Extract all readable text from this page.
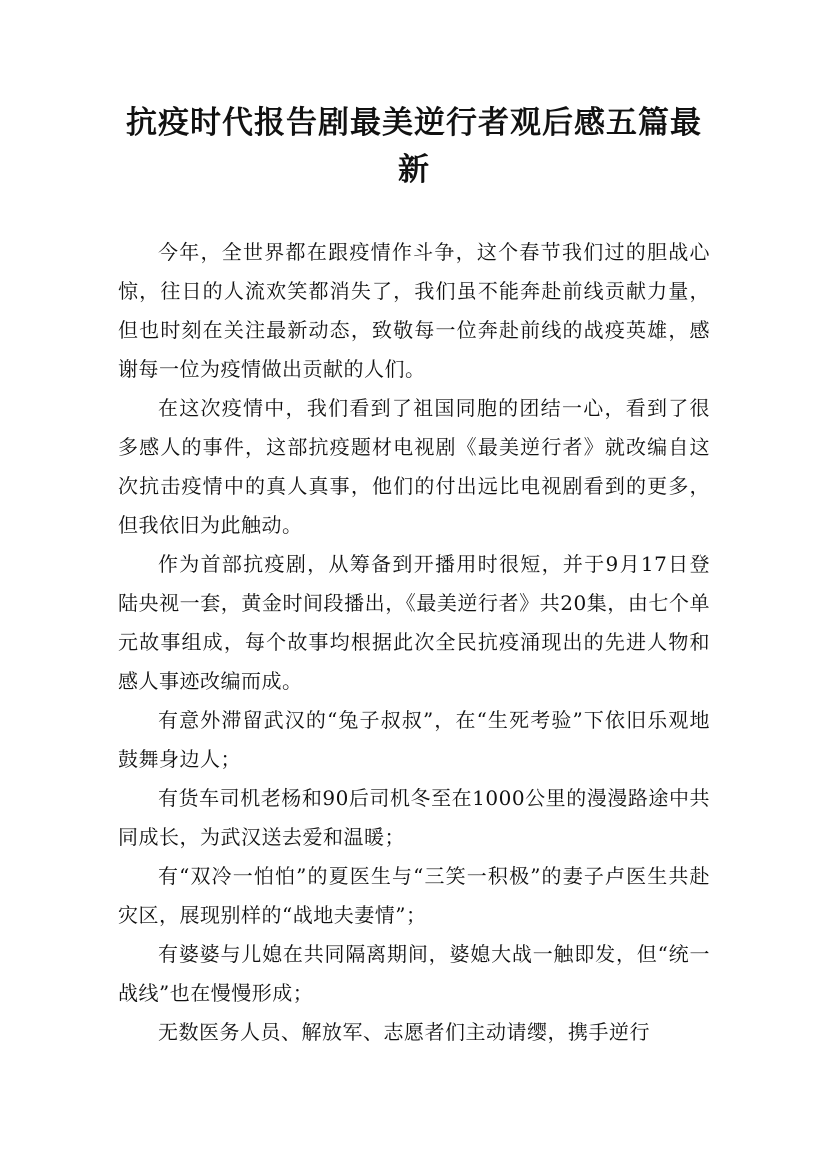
抗疫时代报告剧最美逆行者观后感五篇最新

今年，全世界都在跟疫情作斗争，这个春节我们过的胆战心惊，往日的人流欢笑都消失了，我们虽不能奔赴前线贡献力量，但也时刻在关注最新动态，致敬每一位奔赴前线的战疫英雄，感谢每一位为疫情做出贡献的人们。

在这次疫情中，我们看到了祖国同胞的团结一心，看到了很多感人的事件，这部抗疫题材电视剧《最美逆行者》就改编自这次抗击疫情中的真人真事，他们的付出远比电视剧看到的更多，但我依旧为此触动。

作为首部抗疫剧，从筹备到开播用时很短，并于9月17日登陆央视一套，黄金时间段播出，《最美逆行者》共20集，由七个单元故事组成，每个故事均根据此次全民抗疫涌现出的先进人物和感人事迹改编而成。

有意外滞留武汉的“兔子叔叔”，在“生死考验”下依旧乐观地鼓舞身边人；

有货车司机老杨和90后司机冬至在1000公里的漫漫路途中共同成长，为武汉送去爱和温暖；

有“双冷一怕怕”的夏医生与“三笑一积极”的妻子卢医生共赴灾区，展现别样的“战地夫妻情”；

有婆婆与儿媳在共同隔离期间，婆媳大战一触即发，但“统一战线”也在慢慢形成；

无数医务人员、解放军、志愿者们主动请缨，携手逆行
